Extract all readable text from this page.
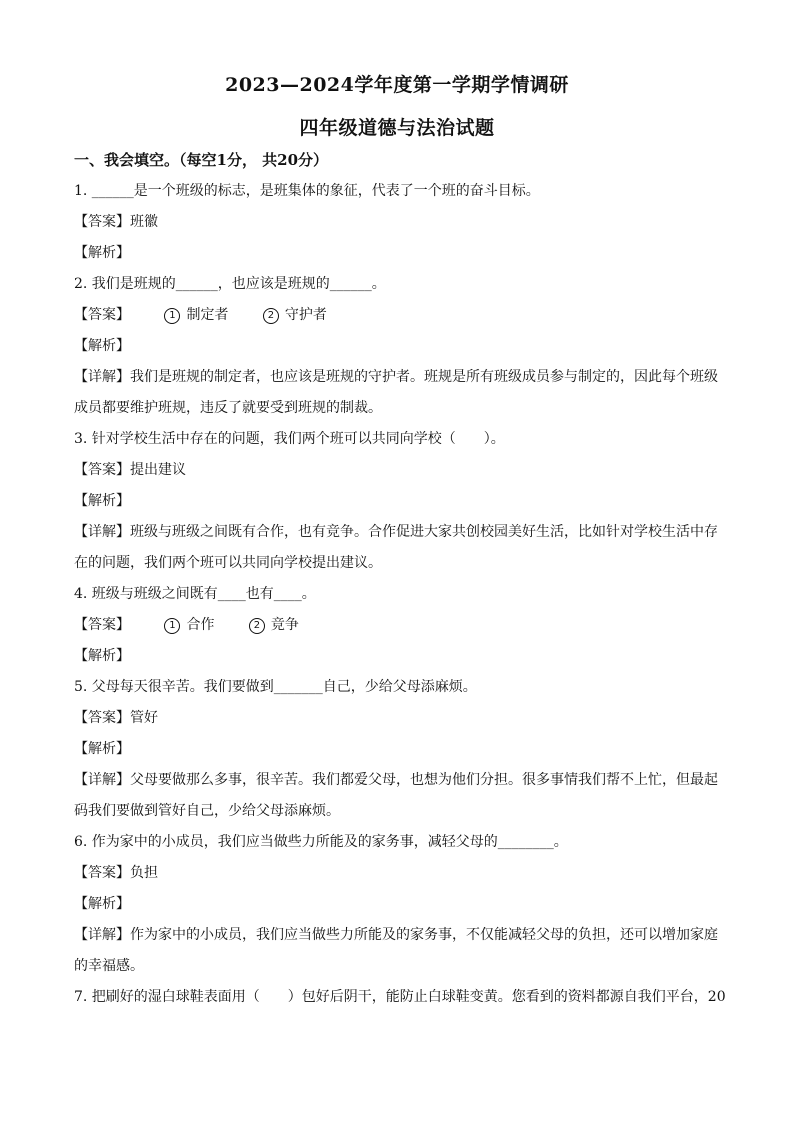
2023—2024学年度第一学期学情调研
四年级道德与法治试题
一、我会填空。（每空1分， 共20分）
1. ______是一个班级的标志，是班集体的象征，代表了一个班的奋斗目标。
【答案】班徽
【解析】
2. 我们是班规的______，也应该是班规的______。
【答案】	1 制定者	2 守护者
【解析】
【详解】我们是班规的制定者，也应该是班规的守护者。班规是所有班级成员参与制定的，因此每个班级成员都要维护班规，违反了就要受到班规的制裁。
3. 针对学校生活中存在的问题，我们两个班可以共同向学校（　　）。
【答案】提出建议
【解析】
【详解】班级与班级之间既有合作，也有竞争。合作促进大家共创校园美好生活，比如针对学校生活中存在的问题，我们两个班可以共同向学校提出建议。
4. 班级与班级之间既有____也有____。
【答案】	1 合作	2 竞争
【解析】
5. 父母每天很辛苦。我们要做到_______自己，少给父母添麻烦。
【答案】管好
【解析】
【详解】父母要做那么多事，很辛苦。我们都爱父母，也想为他们分担。很多事情我们帮不上忙，但最起码我们要做到管好自己，少给父母添麻烦。
6. 作为家中的小成员，我们应当做些力所能及的家务事，减轻父母的________。
【答案】负担
【解析】
【详解】作为家中的小成员，我们应当做些力所能及的家务事，不仅能减轻父母的负担，还可以增加家庭的幸福感。
7. 把刷好的湿白球鞋表面用（　　）包好后阴干，能防止白球鞋变黄。您看到的资料都源自我们平台，20
